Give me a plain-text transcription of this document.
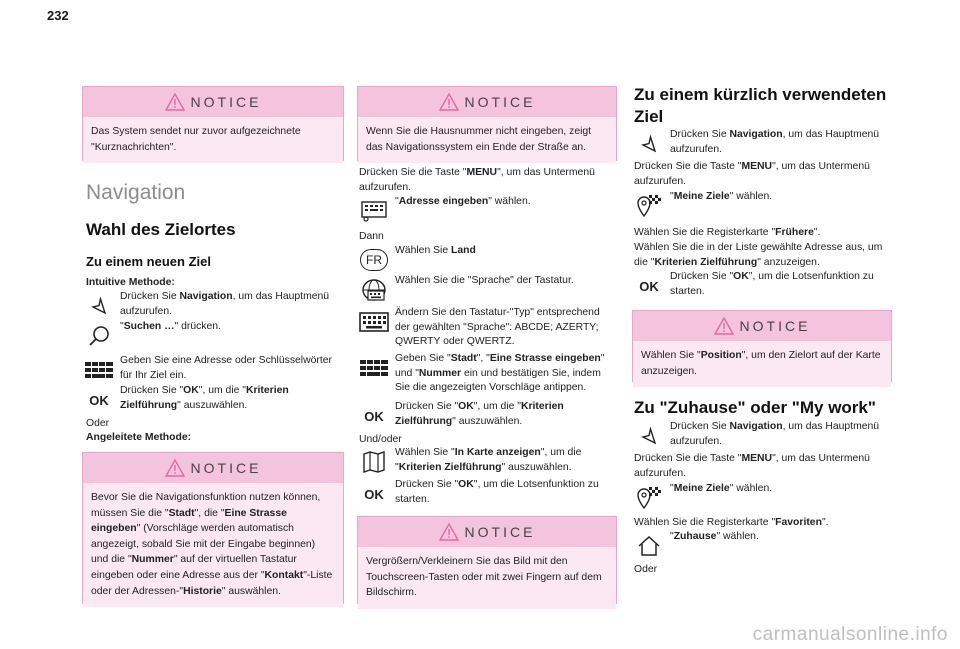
232
NOTICE
Das System sendet nur zuvor aufgezeichnete "Kurznachrichten".
Navigation
Wahl des Zielortes
Zu einem neuen Ziel
Intuitive Methode:
Drücken Sie Navigation, um das Hauptmenü aufzurufen.
"Suchen …" drücken.
Geben Sie eine Adresse oder Schlüsselwörter für Ihr Ziel ein.
OK
Drücken Sie "OK", um die "Kriterien Zielführung" auszuwählen.
Oder
Angeleitete Methode:
NOTICE
Bevor Sie die Navigationsfunktion nutzen können, müssen Sie die "Stadt", die "Eine Strasse eingeben" (Vorschläge werden automatisch angezeigt, sobald Sie mit der Eingabe beginnen) und die "Nummer" auf der virtuellen Tastatur eingeben oder eine Adresse aus der "Kontakt"-Liste oder der Adressen-"Historie" auswählen.
NOTICE
Wenn Sie die Hausnummer nicht eingeben, zeigt das Navigationssystem ein Ende der Straße an.
Drücken Sie die Taste "MENU", um das Untermenü aufzurufen.
"Adresse eingeben" wählen.
Dann
FR
Wählen Sie Land
Wählen Sie die "Sprache" der Tastatur.
Ändern Sie den Tastatur-"Typ" entsprechend der gewählten "Sprache": ABCDE; AZERTY; QWERTY oder QWERTZ.
Geben Sie "Stadt", "Eine Strasse eingeben" und "Nummer ein und bestätigen Sie, indem Sie die angezeigten Vorschläge antippen.
OK
Drücken Sie "OK", um die "Kriterien Zielführung" auszuwählen.
Und/oder
Wählen Sie "In Karte anzeigen", um die "Kriterien Zielführung" auszuwählen.
OK
Drücken Sie "OK", um die Lotsenfunktion zu starten.
NOTICE
Vergrößern/Verkleinern Sie das Bild mit den Touchscreen-Tasten oder mit zwei Fingern auf dem Bildschirm.
Zu einem kürzlich verwendeten Ziel
Drücken Sie Navigation, um das Hauptmenü aufzurufen.
Drücken Sie die Taste "MENU", um das Untermenü aufzurufen.
"Meine Ziele" wählen.
Wählen Sie die Registerkarte "Frühere".
Wählen Sie die in der Liste gewählte Adresse aus, um die "Kriterien Zielführung" anzuzeigen.
OK
Drücken Sie "OK", um die Lotsenfunktion zu starten.
NOTICE
Wählen Sie "Position", um den Zielort auf der Karte anzuzeigen.
Zu "Zuhause" oder "My work"
Drücken Sie Navigation, um das Hauptmenü aufzurufen.
Drücken Sie die Taste "MENU", um das Untermenü aufzurufen.
"Meine Ziele" wählen.
Wählen Sie die Registerkarte "Favoriten".
"Zuhause" wählen.
Oder
carmanualsonline.info
